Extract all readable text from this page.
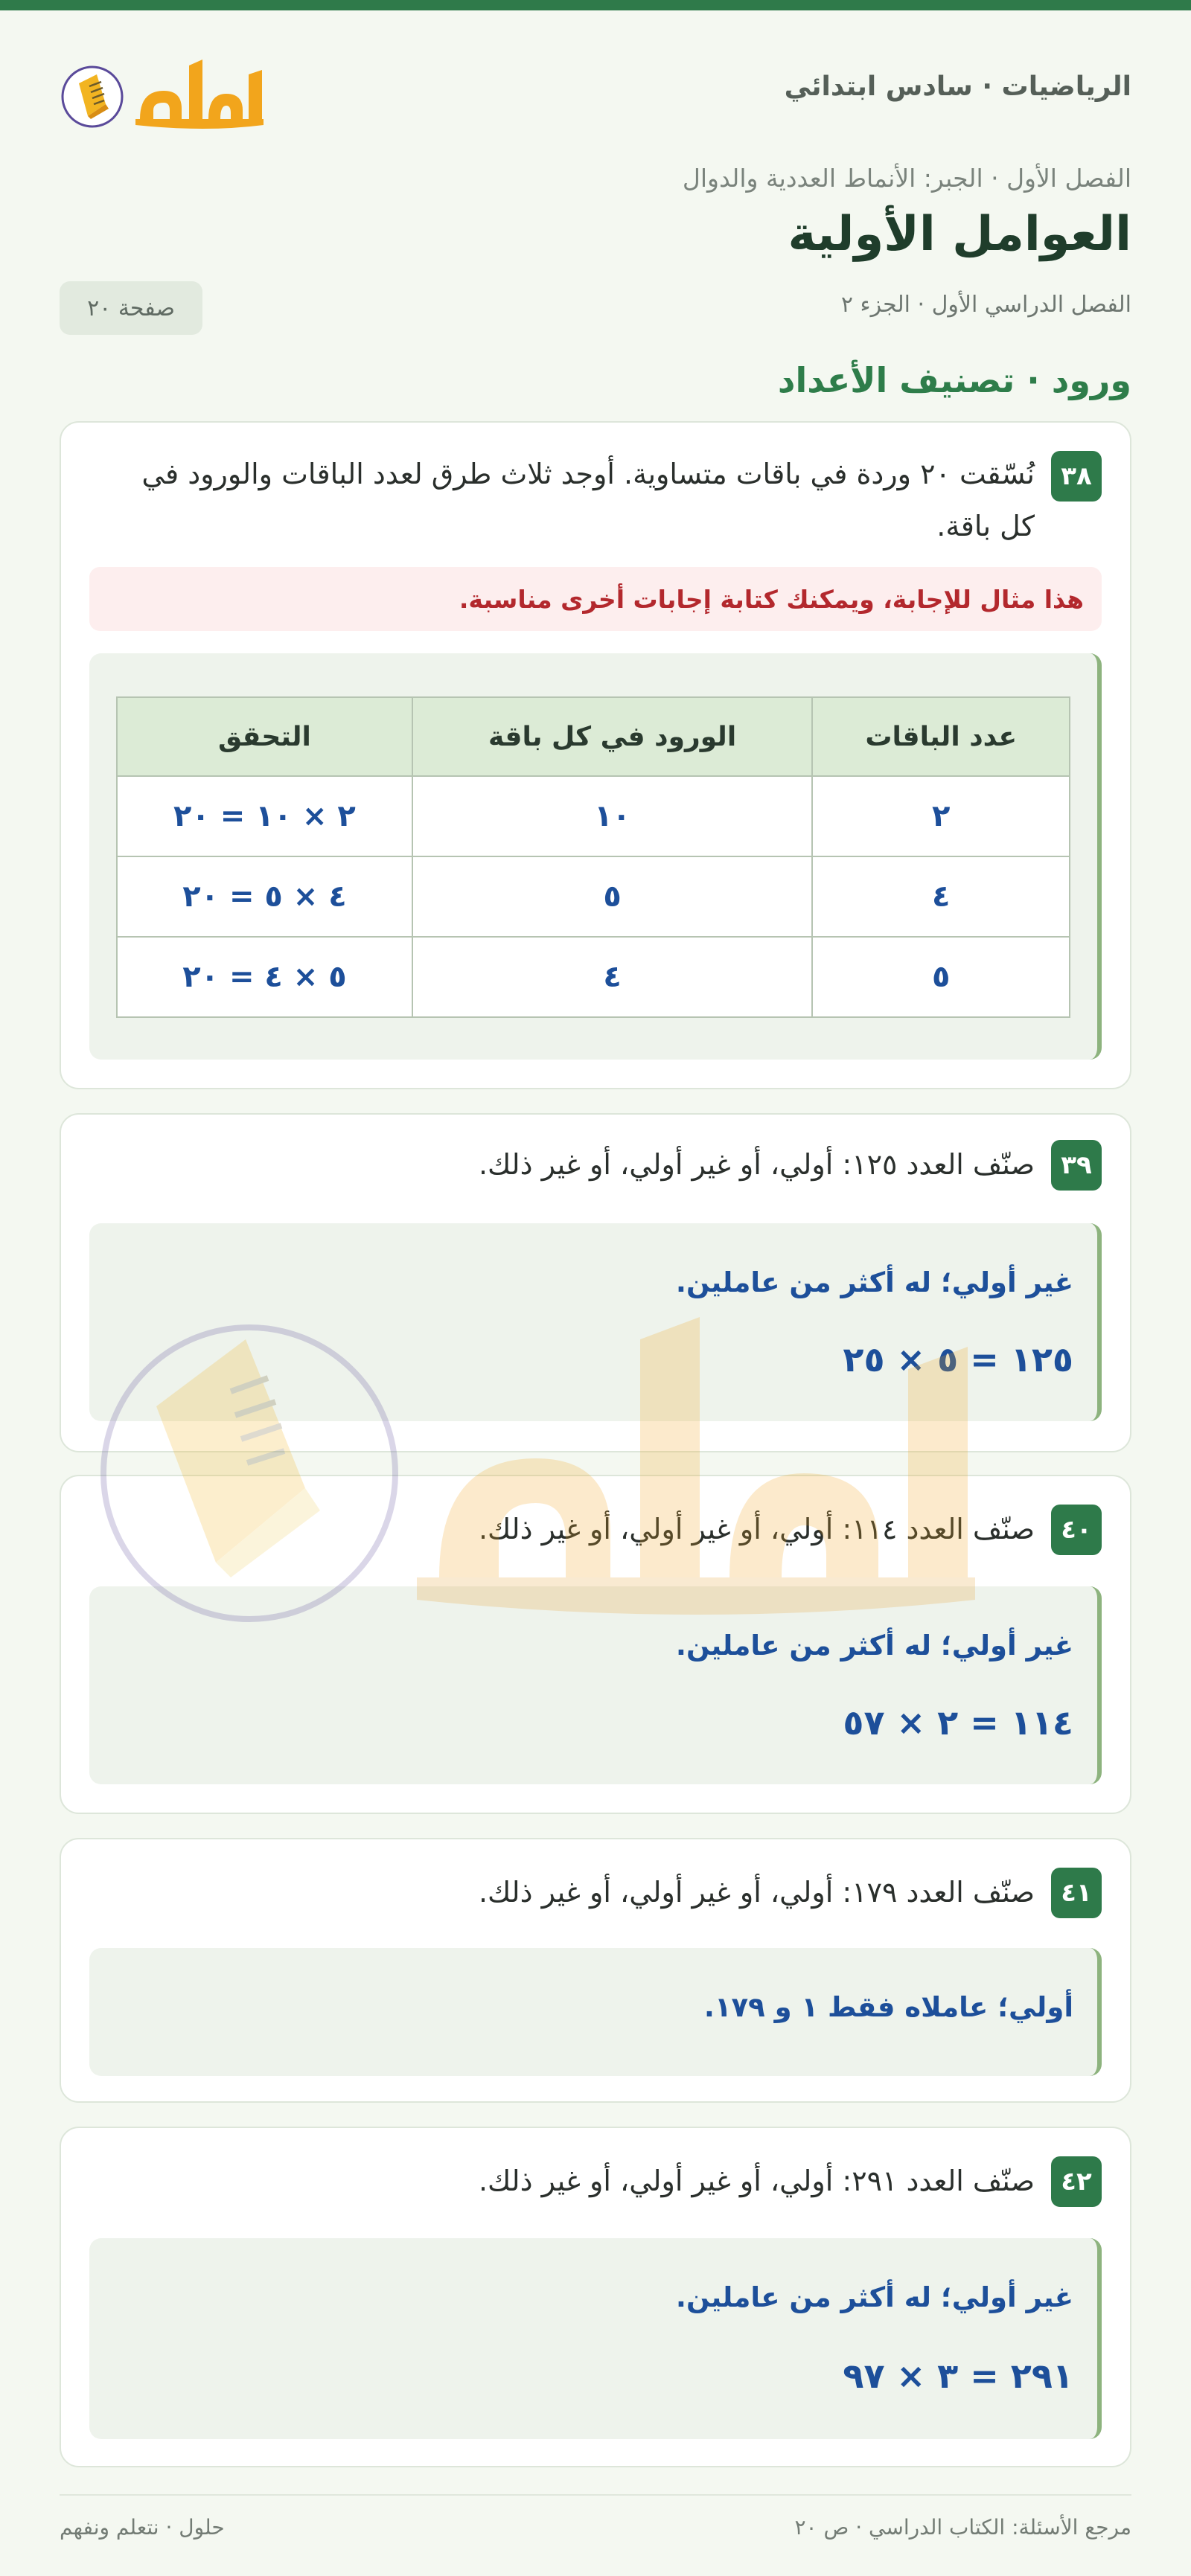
الرياضيات · سادس ابتدائي
الفصل الأول · الجبر: الأنماط العددية والدوال
العوامل الأولية
الفصل الدراسي الأول · الجزء ٢
صفحة ٢٠
ورود · تصنيف الأعداد
٣٨
نُسّقت ٢٠ وردة في باقات متساوية. أوجد ثلاث طرق لعدد الباقات والورود في كل باقة.
هذا مثال للإجابة، ويمكنك كتابة إجابات أخرى مناسبة.
عدد الباقات	الورود في كل باقة	التحقق
٢	١٠	٢ × ١٠ = ٢٠
٤	٥	٤ × ٥ = ٢٠
٥	٤	٥ × ٤ = ٢٠
٣٩
صنّف العدد ١٢٥: أولي، أو غير أولي، أو غير ذلك.
غير أولي؛ له أكثر من عاملين.
١٢٥ = ٥ × ٢٥
٤٠
صنّف العدد ١١٤: أولي، أو غير أولي، أو غير ذلك.
غير أولي؛ له أكثر من عاملين.
١١٤ = ٢ × ٥٧
٤١
صنّف العدد ١٧٩: أولي، أو غير أولي، أو غير ذلك.
أولي؛ عاملاه فقط ١ و ١٧٩.
٤٢
صنّف العدد ٢٩١: أولي، أو غير أولي، أو غير ذلك.
غير أولي؛ له أكثر من عاملين.
٢٩١ = ٣ × ٩٧
مرجع الأسئلة: الكتاب الدراسي · ص ٢٠
حلول · نتعلم ونفهم
